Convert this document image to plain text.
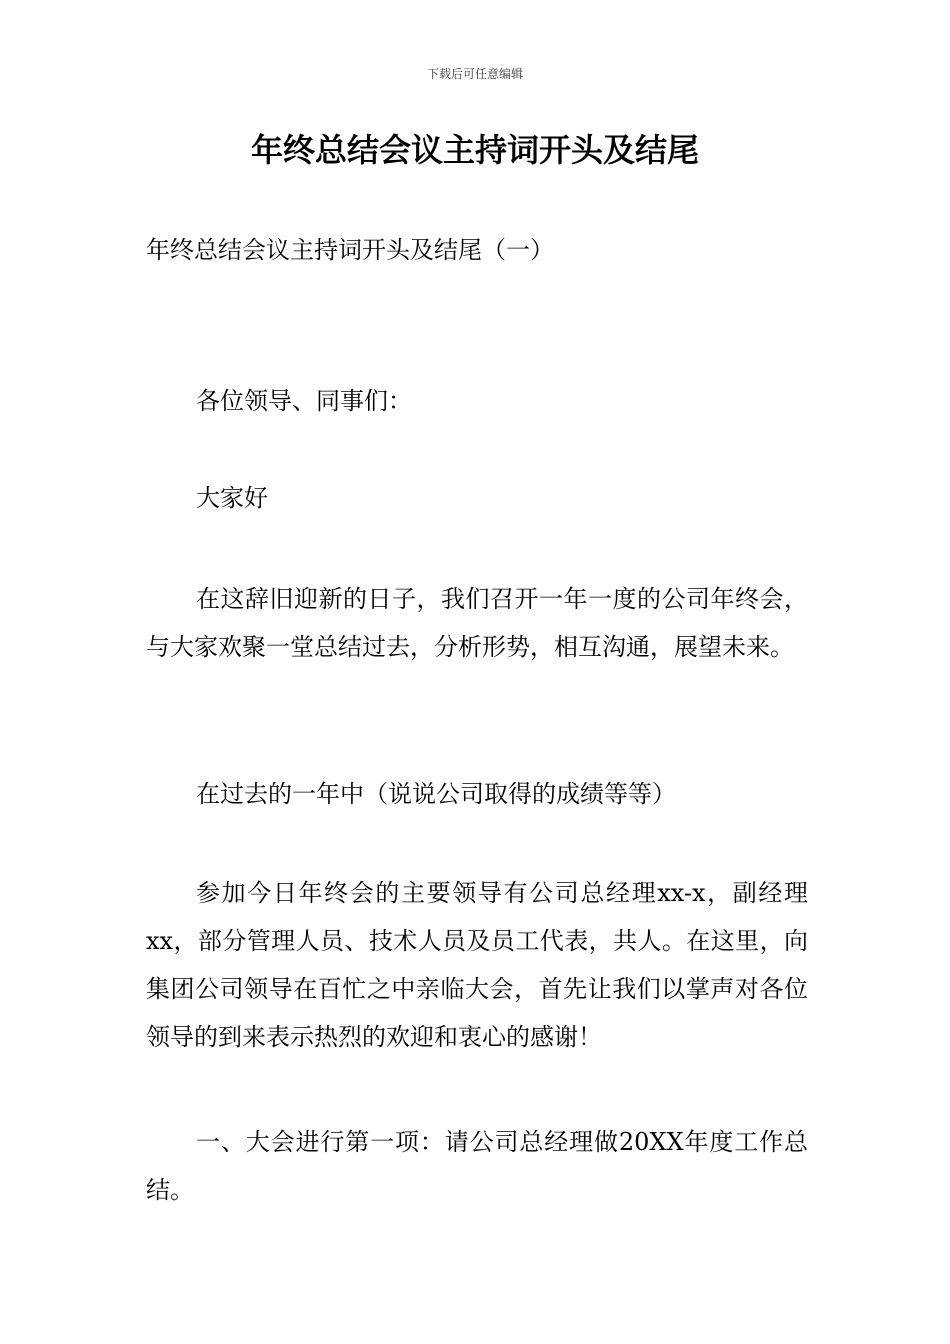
下载后可任意编辑
年终总结会议主持词开头及结尾

年终总结会议主持词开头及结尾（一）

各位领导、同事们：

大家好

在这辞旧迎新的日子，我们召开一年一度的公司年终会，与大家欢聚一堂总结过去，分析形势，相互沟通，展望未来。

在过去的一年中（说说公司取得的成绩等等）

参加今日年终会的主要领导有公司总经理xx-x，副经理xx，部分管理人员、技术人员及员工代表，共人。在这里，向集团公司领导在百忙之中亲临大会，首先让我们以掌声对各位领导的到来表示热烈的欢迎和衷心的感谢！

一、大会进行第一项：请公司总经理做20XX年度工作总结。
